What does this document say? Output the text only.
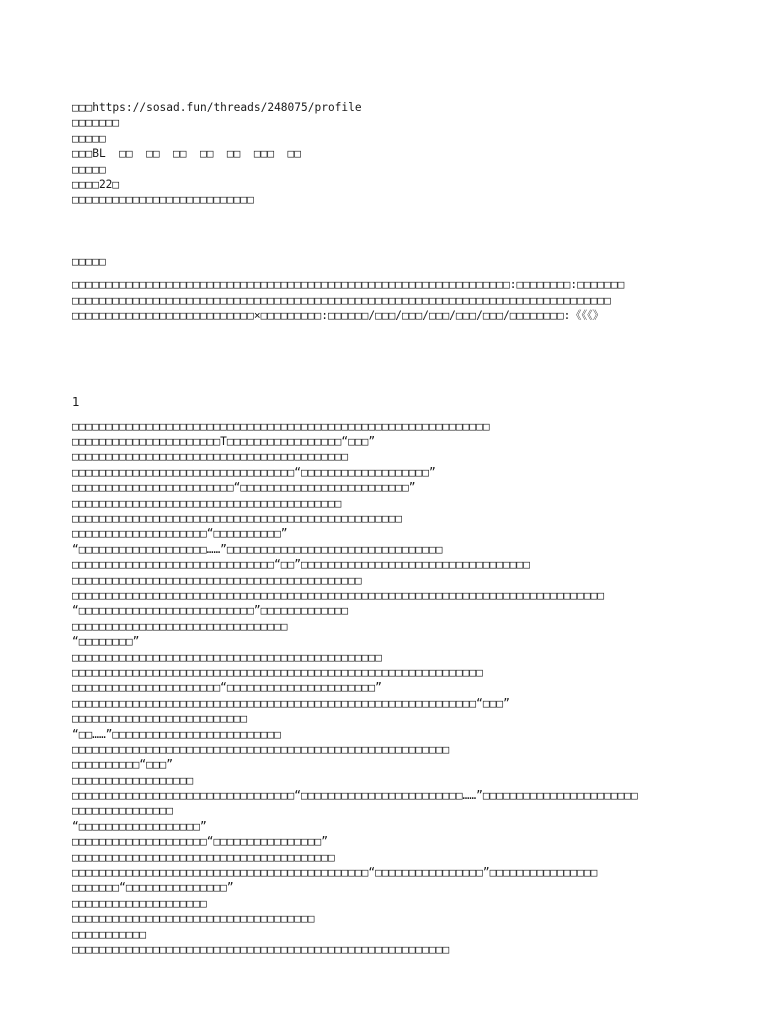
□□□https://sosad.fun/threads/248075/profile
□□□□□□□
□□□□□
□□□BL  □□  □□  □□  □□  □□  □□□  □□
□□□□□
□□□□22□
□□□□□□□□□□□□□□□□□□□□□□□□□□□
□□□□□
□□□□□□□□□□□□□□□□□□□□□□□□□□□□□□□□□□□□□□□□□□□□□□□□□□□□□□□□□□□□□□□□□:□□□□□□□□:□□□□□□□
□□□□□□□□□□□□□□□□□□□□□□□□□□□□□□□□□□□□□□□□□□□□□□□□□□□□□□□□□□□□□□□□□□□□□□□□□□□□□□□□
□□□□□□□□□□□□□□□□□□□□□□□□□□□×□□□□□□□□□:□□□□□□/□□□/□□□/□□□/□□□/□□□/□□□□□□□□:《《《》
1
□□□□□□□□□□□□□□□□□□□□□□□□□□□□□□□□□□□□□□□□□□□□□□□□□□□□□□□□□□□□□□
□□□□□□□□□□□□□□□□□□□□□□T□□□□□□□□□□□□□□□□□“□□□”
□□□□□□□□□□□□□□□□□□□□□□□□□□□□□□□□□□□□□□□□□
□□□□□□□□□□□□□□□□□□□□□□□□□□□□□□□□□“□□□□□□□□□□□□□□□□□□□”
□□□□□□□□□□□□□□□□□□□□□□□□“□□□□□□□□□□□□□□□□□□□□□□□□□”
□□□□□□□□□□□□□□□□□□□□□□□□□□□□□□□□□□□□□□□□
□□□□□□□□□□□□□□□□□□□□□□□□□□□□□□□□□□□□□□□□□□□□□□□□□
□□□□□□□□□□□□□□□□□□□□“□□□□□□□□□□”
“□□□□□□□□□□□□□□□□□□□……”□□□□□□□□□□□□□□□□□□□□□□□□□□□□□□□□
□□□□□□□□□□□□□□□□□□□□□□□□□□□□□□“□□”□□□□□□□□□□□□□□□□□□□□□□□□□□□□□□□□□□
□□□□□□□□□□□□□□□□□□□□□□□□□□□□□□□□□□□□□□□□□□□
□□□□□□□□□□□□□□□□□□□□□□□□□□□□□□□□□□□□□□□□□□□□□□□□□□□□□□□□□□□□□□□□□□□□□□□□□□□□□□□
“□□□□□□□□□□□□□□□□□□□□□□□□□□”□□□□□□□□□□□□□
□□□□□□□□□□□□□□□□□□□□□□□□□□□□□□□□
“□□□□□□□□”
□□□□□□□□□□□□□□□□□□□□□□□□□□□□□□□□□□□□□□□□□□□□□□
□□□□□□□□□□□□□□□□□□□□□□□□□□□□□□□□□□□□□□□□□□□□□□□□□□□□□□□□□□□□□
□□□□□□□□□□□□□□□□□□□□□□“□□□□□□□□□□□□□□□□□□□□□□”
□□□□□□□□□□□□□□□□□□□□□□□□□□□□□□□□□□□□□□□□□□□□□□□□□□□□□□□□□□□□“□□□”
□□□□□□□□□□□□□□□□□□□□□□□□□□
“□□……”□□□□□□□□□□□□□□□□□□□□□□□□□
□□□□□□□□□□□□□□□□□□□□□□□□□□□□□□□□□□□□□□□□□□□□□□□□□□□□□□□□
□□□□□□□□□□“□□□”
□□□□□□□□□□□□□□□□□□
□□□□□□□□□□□□□□□□□□□□□□□□□□□□□□□□□“□□□□□□□□□□□□□□□□□□□□□□□□……”□□□□□□□□□□□□□□□□□□□□□□□
□□□□□□□□□□□□□□□
“□□□□□□□□□□□□□□□□□□”
□□□□□□□□□□□□□□□□□□□□“□□□□□□□□□□□□□□□□”
□□□□□□□□□□□□□□□□□□□□□□□□□□□□□□□□□□□□□□□
□□□□□□□□□□□□□□□□□□□□□□□□□□□□□□□□□□□□□□□□□□□□“□□□□□□□□□□□□□□□□”□□□□□□□□□□□□□□□□
□□□□□□□“□□□□□□□□□□□□□□□”
□□□□□□□□□□□□□□□□□□□□
□□□□□□□□□□□□□□□□□□□□□□□□□□□□□□□□□□□□
□□□□□□□□□□□
□□□□□□□□□□□□□□□□□□□□□□□□□□□□□□□□□□□□□□□□□□□□□□□□□□□□□□□□
